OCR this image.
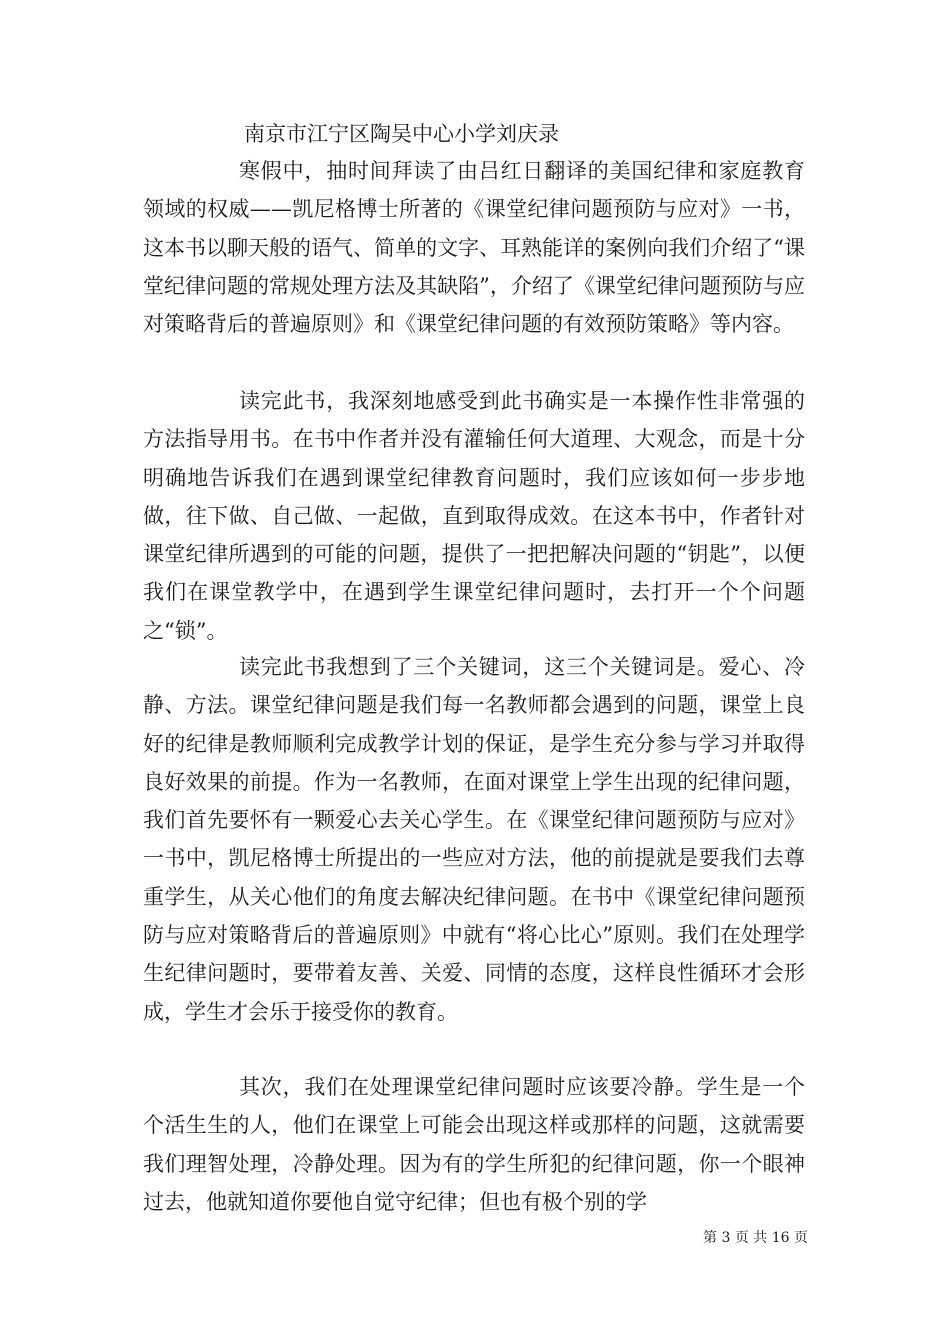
南京市江宁区陶吴中心小学刘庆录

寒假中，抽时间拜读了由吕红日翻译的美国纪律和家庭教育领域的权威——凯尼格博士所著的《课堂纪律问题预防与应对》一书，这本书以聊天般的语气、简单的文字、耳熟能详的案例向我们介绍了“课堂纪律问题的常规处理方法及其缺陷”，介绍了《课堂纪律问题预防与应对策略背后的普遍原则》和《课堂纪律问题的有效预防策略》等内容。

读完此书，我深刻地感受到此书确实是一本操作性非常强的方法指导用书。在书中作者并没有灌输任何大道理、大观念，而是十分明确地告诉我们在遇到课堂纪律教育问题时，我们应该如何一步步地做，往下做、自己做、一起做，直到取得成效。在这本书中，作者针对课堂纪律所遇到的可能的问题，提供了一把把解决问题的“钥匙”，以便我们在课堂教学中，在遇到学生课堂纪律问题时，去打开一个个问题之“锁”。

读完此书我想到了三个关键词，这三个关键词是。爱心、冷静、方法。课堂纪律问题是我们每一名教师都会遇到的问题，课堂上良好的纪律是教师顺利完成教学计划的保证，是学生充分参与学习并取得良好效果的前提。作为一名教师，在面对课堂上学生出现的纪律问题，我们首先要怀有一颗爱心去关心学生。在《课堂纪律问题预防与应对》一书中，凯尼格博士所提出的一些应对方法，他的前提就是要我们去尊重学生，从关心他们的角度去解决纪律问题。在书中《课堂纪律问题预防与应对策略背后的普遍原则》中就有“将心比心”原则。我们在处理学生纪律问题时，要带着友善、关爱、同情的态度，这样良性循环才会形成，学生才会乐于接受你的教育。

其次，我们在处理课堂纪律问题时应该要冷静。学生是一个个活生生的人，他们在课堂上可能会出现这样或那样的问题，这就需要我们理智处理，冷静处理。因为有的学生所犯的纪律问题，你一个眼神过去，他就知道你要他自觉守纪律；但也有极个别的学

第 3 页 共 16 页
